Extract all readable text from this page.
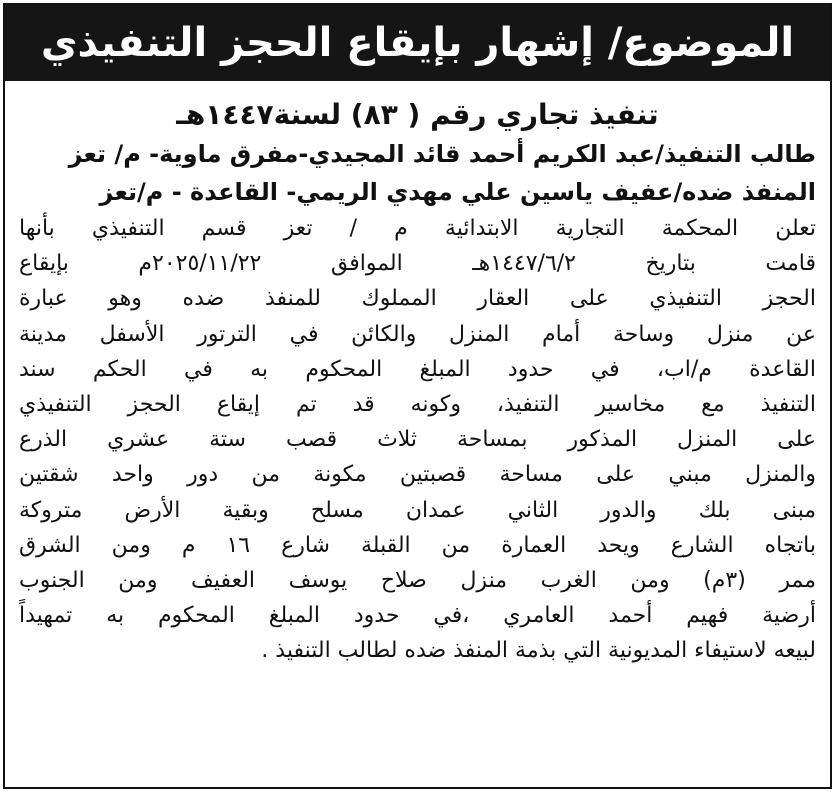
الموضوع/ إشهار بإيقاع الحجز التنفيذي

تنفيذ تجاري رقم ( ٨٣) لسنة١٤٤٧هـ

طالب التنفيذ/عبد الكريم أحمد قائد المجيدي-مفرق ماوية- م/ تعز

المنفذ ضده/عفيف ياسين علي مهدي الريمي- القاعدة - م/تعز

تعلن المحكمة التجارية الابتدائية م / تعز قسم التنفيذي بأنها
قامت بتاريخ ١٤٤٧/٦/٢هـ الموافق ٢٠٢٥/١١/٢٢م بإيقاع
الحجز التنفيذي على العقار المملوك للمنفذ ضده وهو عبارة
عن منزل وساحة أمام المنزل والكائن في الترتور الأسفل مدينة
القاعدة م/اب، في حدود المبلغ المحكوم به في الحكم سند
التنفيذ مع مخاسير التنفيذ، وكونه قد تم إيقاع الحجز التنفيذي
على المنزل المذكور بمساحة ثلاث قصب ستة عشري الذرع
والمنزل مبني على مساحة قصبتين مكونة من دور واحد شقتين
مبنى بلك والدور الثاني عمدان مسلح وبقية الأرض متروكة
باتجاه الشارع ويحد العمارة من القبلة شارع ١٦ م ومن الشرق
ممر (٣م) ومن الغرب منزل صلاح يوسف العفيف ومن الجنوب
أرضية فهيم أحمد العامري ،في حدود المبلغ المحكوم به تمهيداً
لبيعه لاستيفاء المديونية التي بذمة المنفذ ضده لطالب التنفيذ .
